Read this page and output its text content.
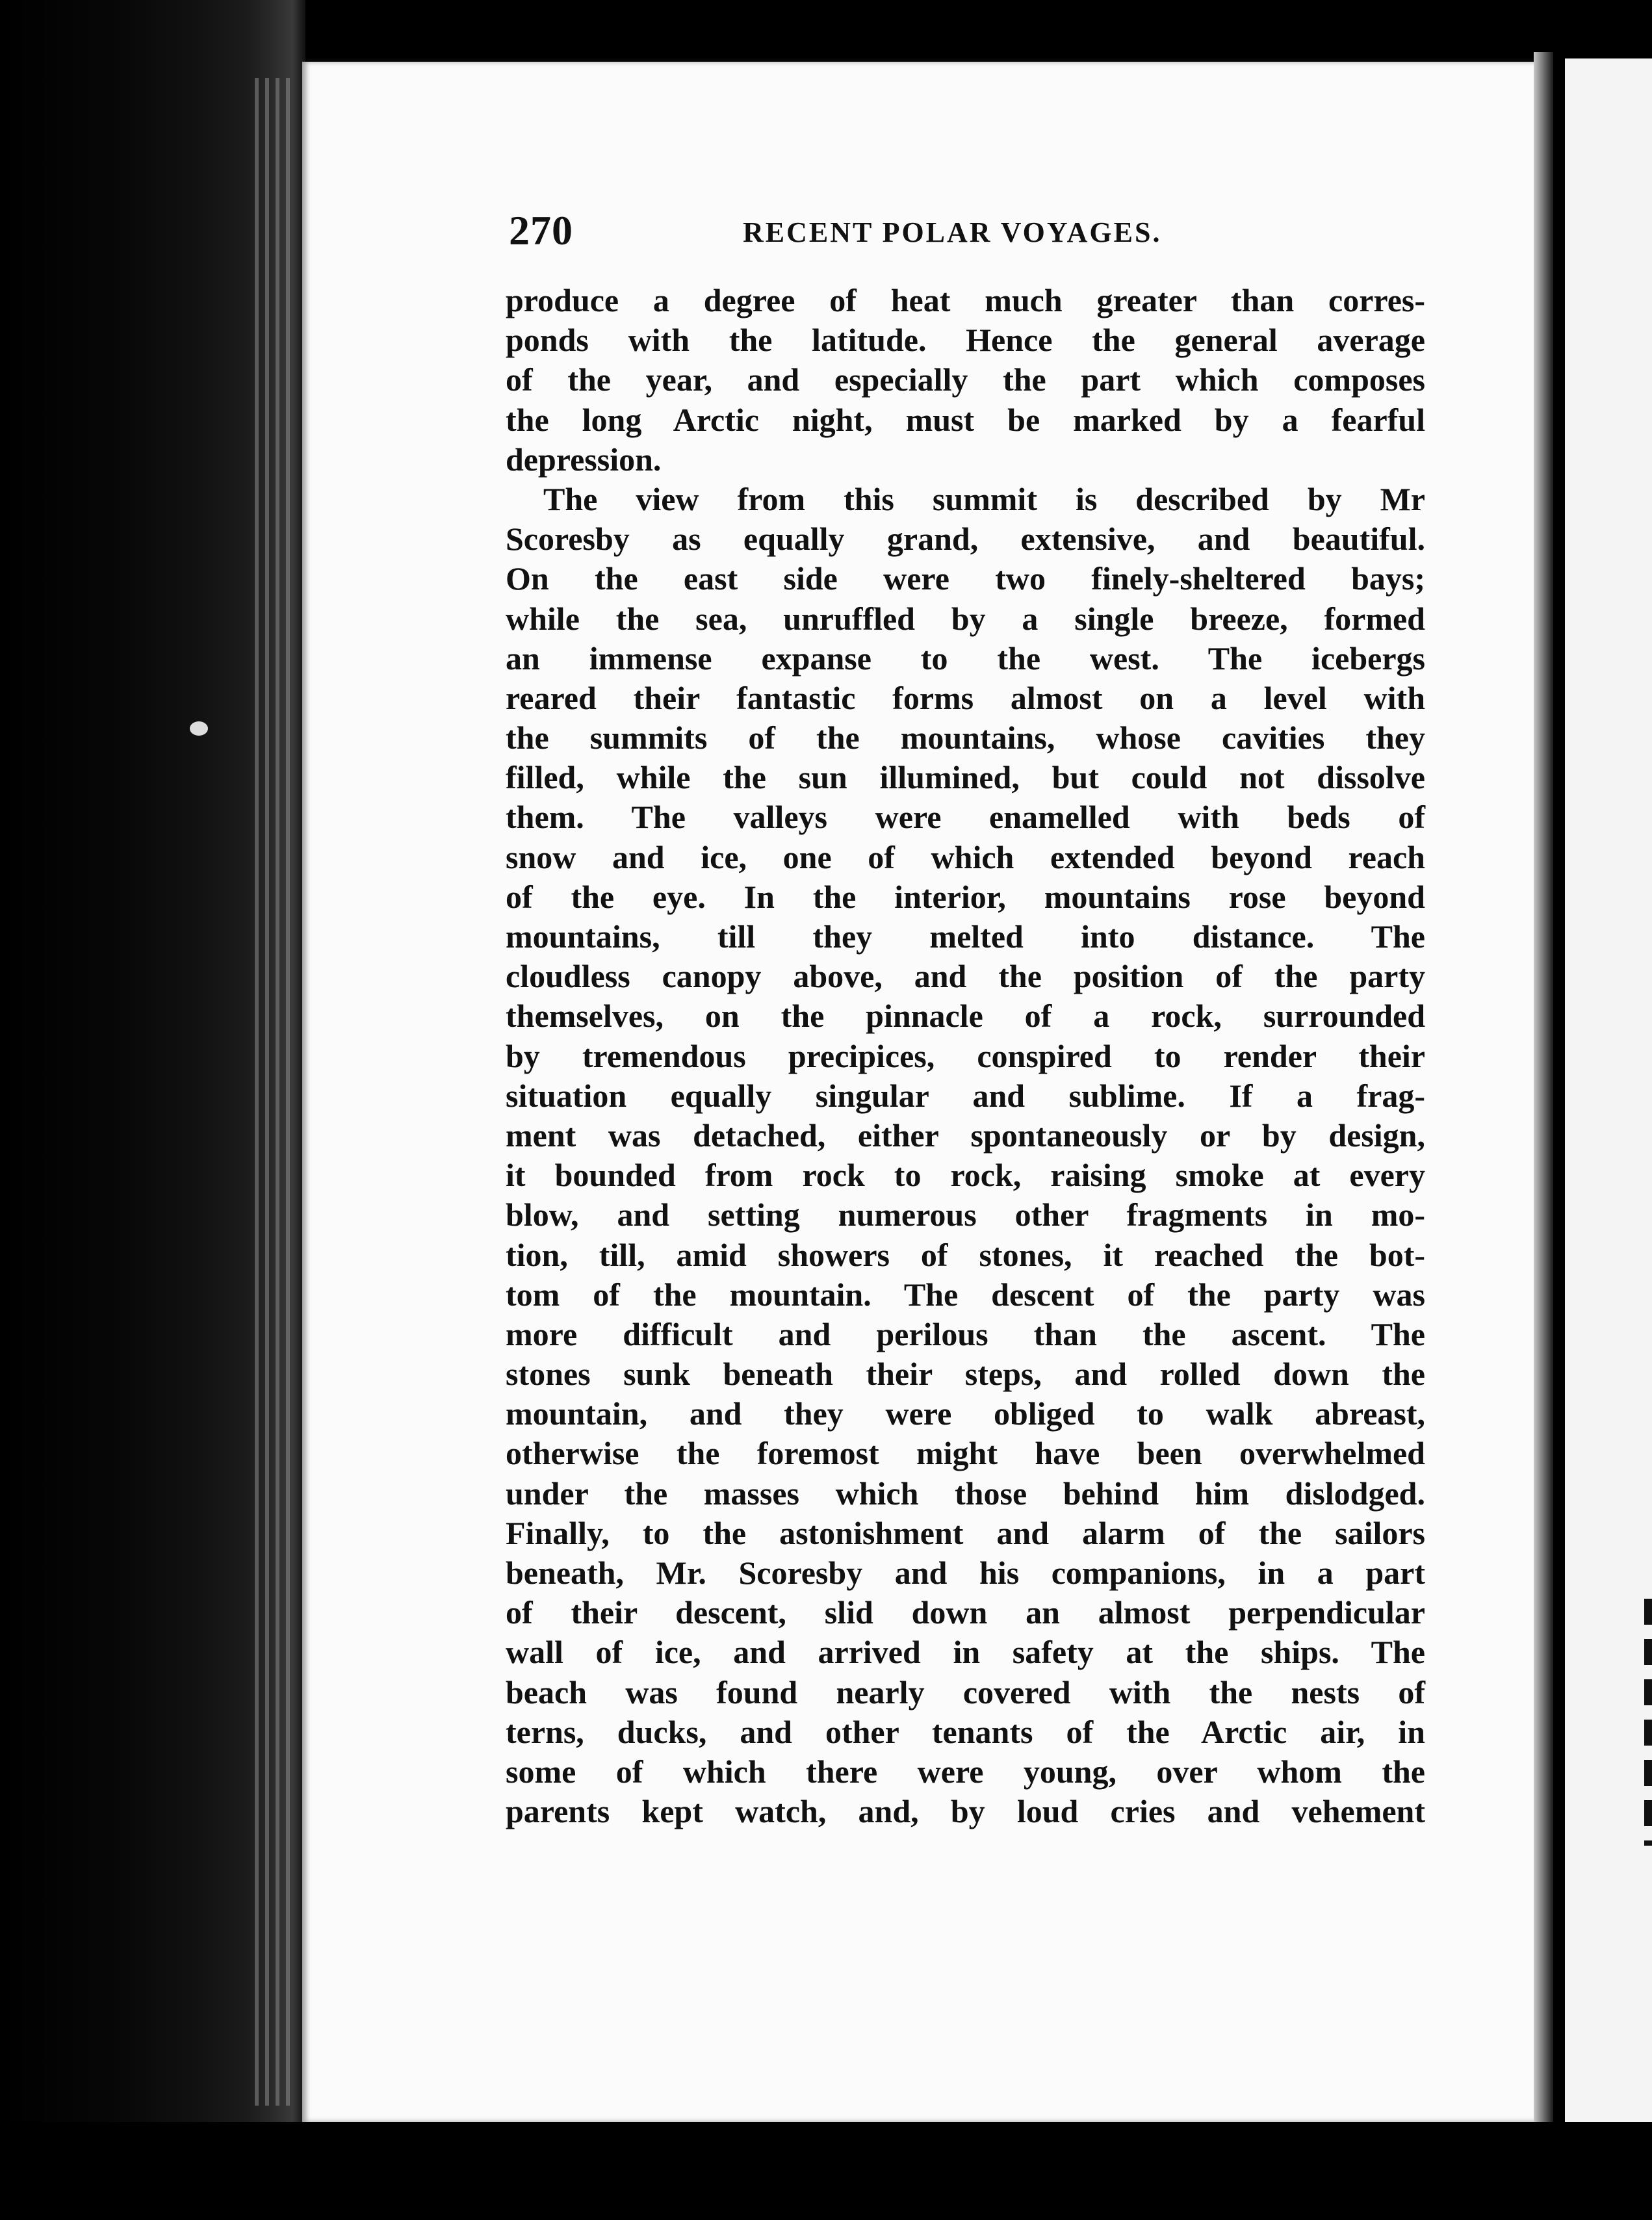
270	RECENT POLAR VOYAGES.
produce a degree of heat much greater than corres-
ponds with the latitude. Hence the general average
of the year, and especially the part which composes
the long Arctic night, must be marked by a fearful
depression.
The view from this summit is described by Mr
Scoresby as equally grand, extensive, and beautiful.
On the east side were two finely-sheltered bays;
while the sea, unruffled by a single breeze, formed
an immense expanse to the west. The icebergs
reared their fantastic forms almost on a level with
the summits of the mountains, whose cavities they
filled, while the sun illumined, but could not dissolve
them. The valleys were enamelled with beds of
snow and ice, one of which extended beyond reach
of the eye. In the interior, mountains rose beyond
mountains, till they melted into distance. The
cloudless canopy above, and the position of the party
themselves, on the pinnacle of a rock, surrounded
by tremendous precipices, conspired to render their
situation equally singular and sublime. If a frag-
ment was detached, either spontaneously or by design,
it bounded from rock to rock, raising smoke at every
blow, and setting numerous other fragments in mo-
tion, till, amid showers of stones, it reached the bot-
tom of the mountain. The descent of the party was
more difficult and perilous than the ascent. The
stones sunk beneath their steps, and rolled down the
mountain, and they were obliged to walk abreast,
otherwise the foremost might have been overwhelmed
under the masses which those behind him dislodged.
Finally, to the astonishment and alarm of the sailors
beneath, Mr. Scoresby and his companions, in a part
of their descent, slid down an almost perpendicular
wall of ice, and arrived in safety at the ships. The
beach was found nearly covered with the nests of
terns, ducks, and other tenants of the Arctic air, in
some of which there were young, over whom the
parents kept watch, and, by loud cries and vehement
